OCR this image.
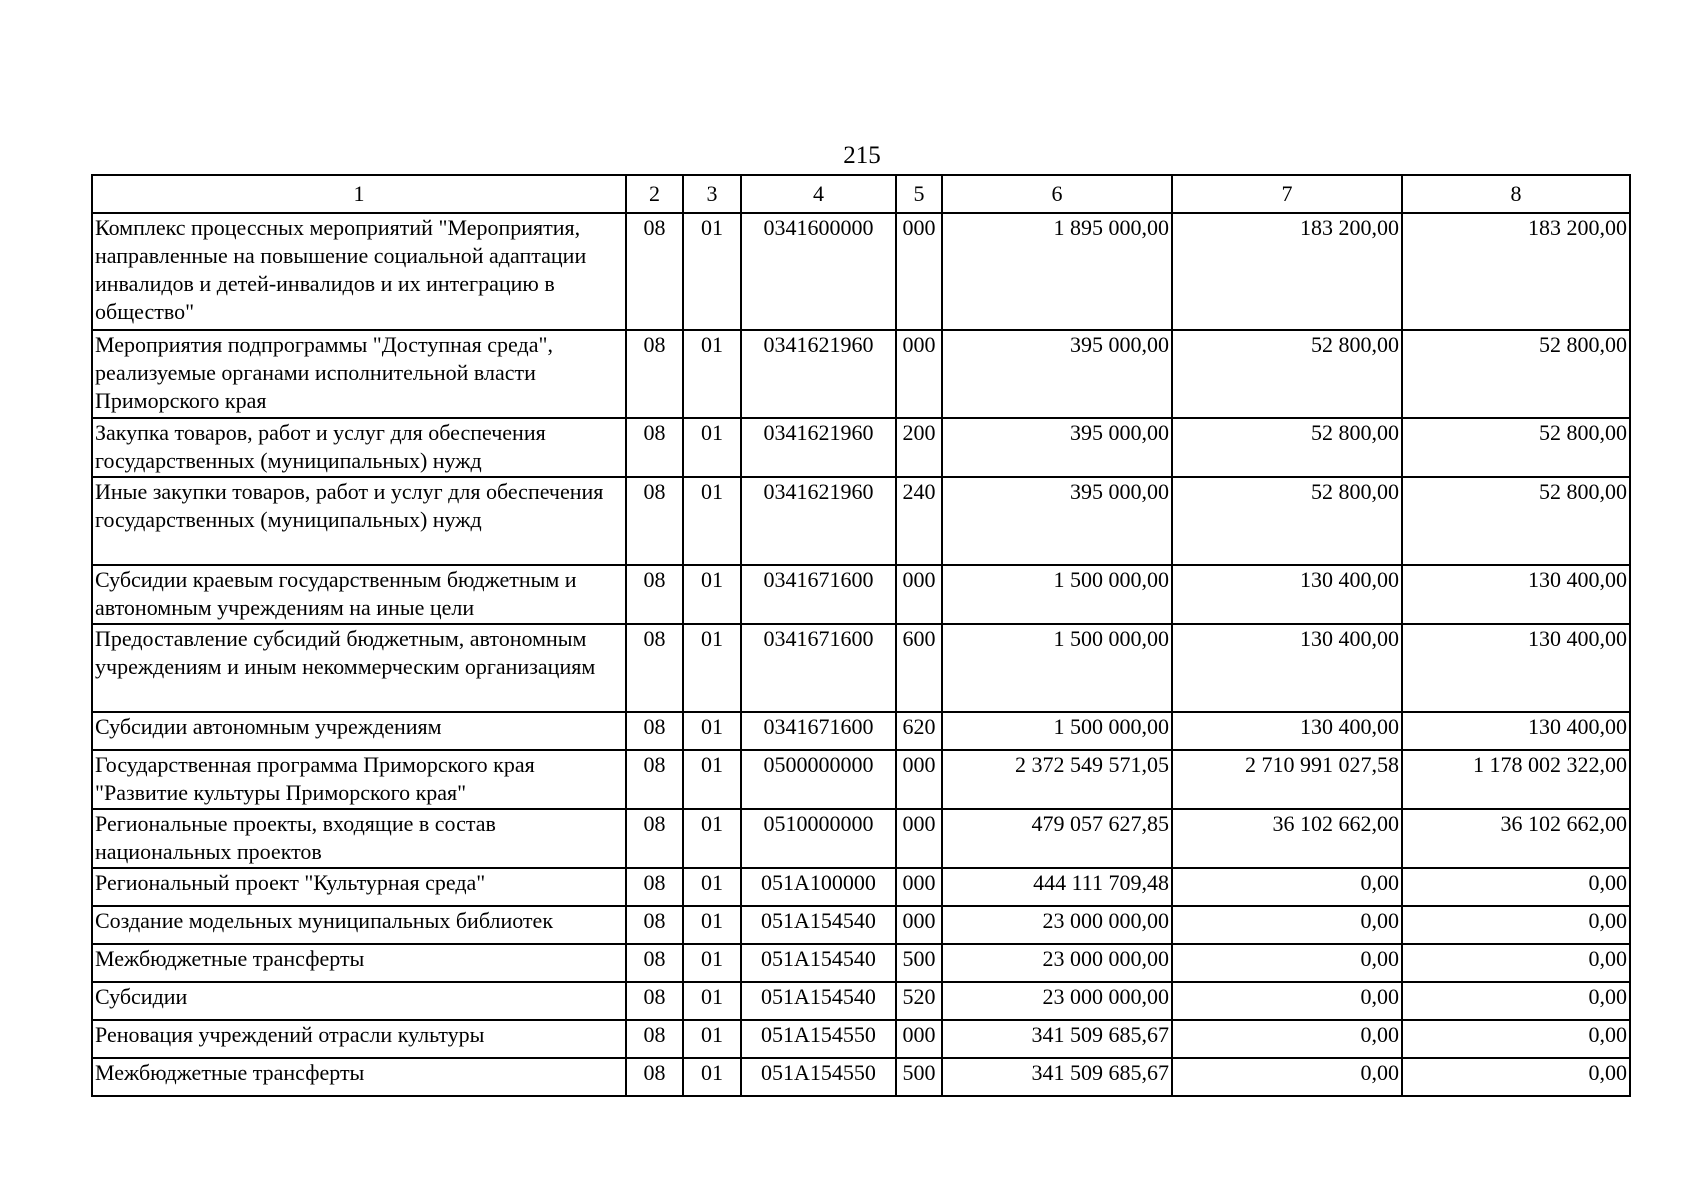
215
1	2	3	4	5	6	7	8
Комплекс процессных мероприятий "Мероприятия, направленные на повышение социальной адаптации инвалидов и детей-инвалидов и их интеграцию в общество"	08	01	0341600000	000	1 895 000,00	183 200,00	183 200,00
Мероприятия подпрограммы "Доступная среда", реализуемые органами исполнительной власти Приморского края	08	01	0341621960	000	395 000,00	52 800,00	52 800,00
Закупка товаров, работ и услуг для обеспечения государственных (муниципальных) нужд	08	01	0341621960	200	395 000,00	52 800,00	52 800,00
Иные закупки товаров, работ и услуг для обеспечения государственных (муниципальных) нужд	08	01	0341621960	240	395 000,00	52 800,00	52 800,00
Субсидии краевым государственным бюджетным и автономным учреждениям на иные цели	08	01	0341671600	000	1 500 000,00	130 400,00	130 400,00
Предоставление субсидий бюджетным, автономным учреждениям и иным некоммерческим организациям	08	01	0341671600	600	1 500 000,00	130 400,00	130 400,00
Субсидии автономным учреждениям	08	01	0341671600	620	1 500 000,00	130 400,00	130 400,00
Государственная программа Приморского края "Развитие культуры Приморского края"	08	01	0500000000	000	2 372 549 571,05	2 710 991 027,58	1 178 002 322,00
Региональные проекты, входящие в состав национальных проектов	08	01	0510000000	000	479 057 627,85	36 102 662,00	36 102 662,00
Региональный проект "Культурная среда"	08	01	051A100000	000	444 111 709,48	0,00	0,00
Создание модельных муниципальных библиотек	08	01	051A154540	000	23 000 000,00	0,00	0,00
Межбюджетные трансферты	08	01	051A154540	500	23 000 000,00	0,00	0,00
Субсидии	08	01	051A154540	520	23 000 000,00	0,00	0,00
Реновация учреждений отрасли культуры	08	01	051A154550	000	341 509 685,67	0,00	0,00
Межбюджетные трансферты	08	01	051A154550	500	341 509 685,67	0,00	0,00
